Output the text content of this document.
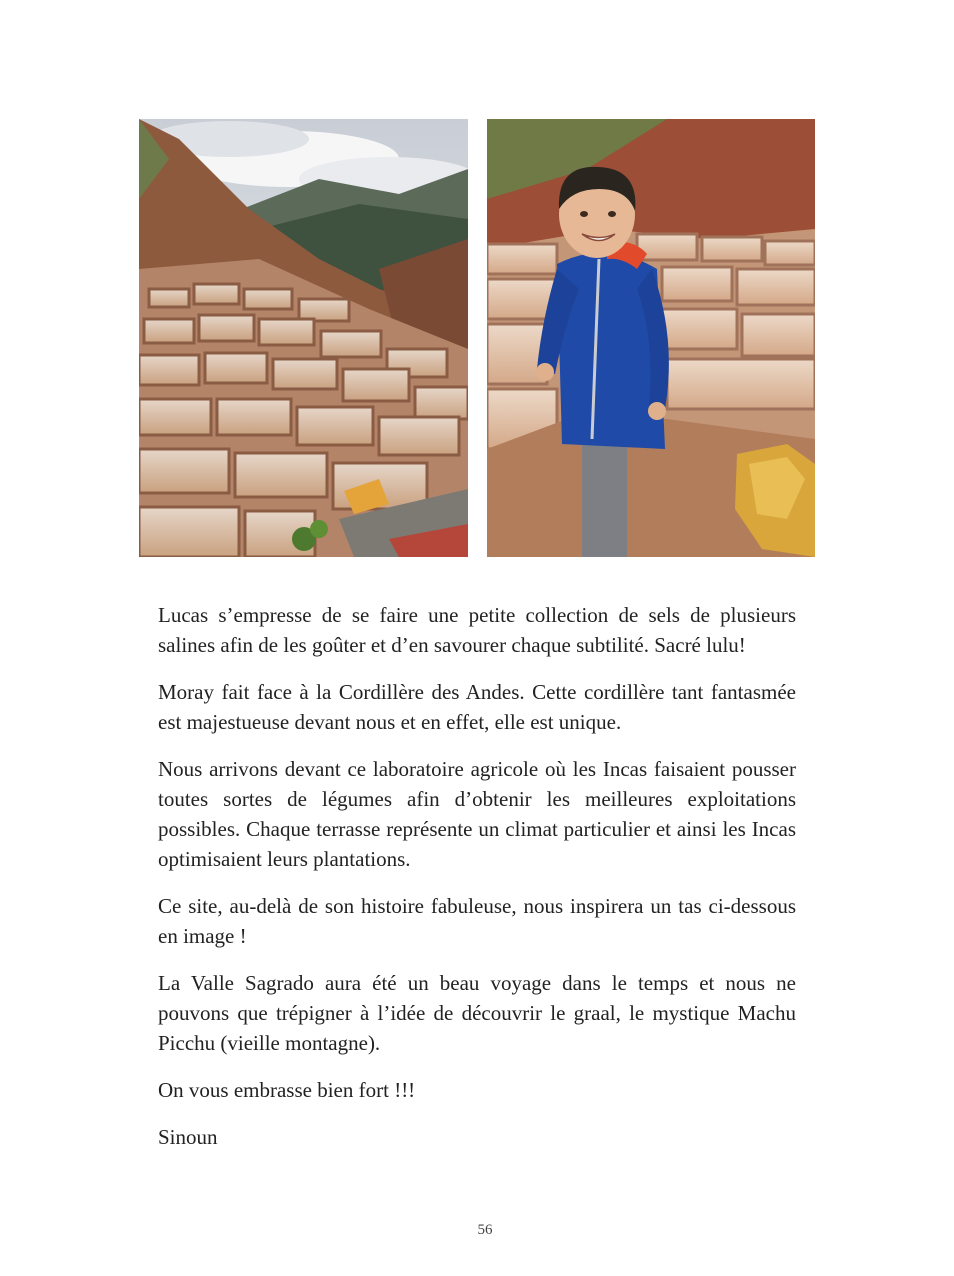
Lucas s’empresse de se faire une petite collection de sels de plusieurs salines afin de les goûter et d’en savourer chaque subtilité. Sacré lulu!

Moray fait face à la Cordillère des Andes. Cette cordillère tant fantasmée est majestueuse devant nous et en effet, elle est unique.

Nous arrivons devant ce laboratoire agricole où les Incas faisaient pousser toutes sortes de légumes afin d’obtenir les meilleures exploitations possibles. Chaque terrasse représente un climat particulier et ainsi les Incas optimisaient leurs plantations.

Ce site, au-delà de son histoire fabuleuse, nous inspirera un tas ci-dessous en image !

La Valle Sagrado aura été un beau voyage dans le temps et nous ne pouvons que trépigner à l’idée de découvrir le graal, le mystique Machu Picchu (vieille montagne).

On vous embrasse bien fort !!!

Sinoun

56
